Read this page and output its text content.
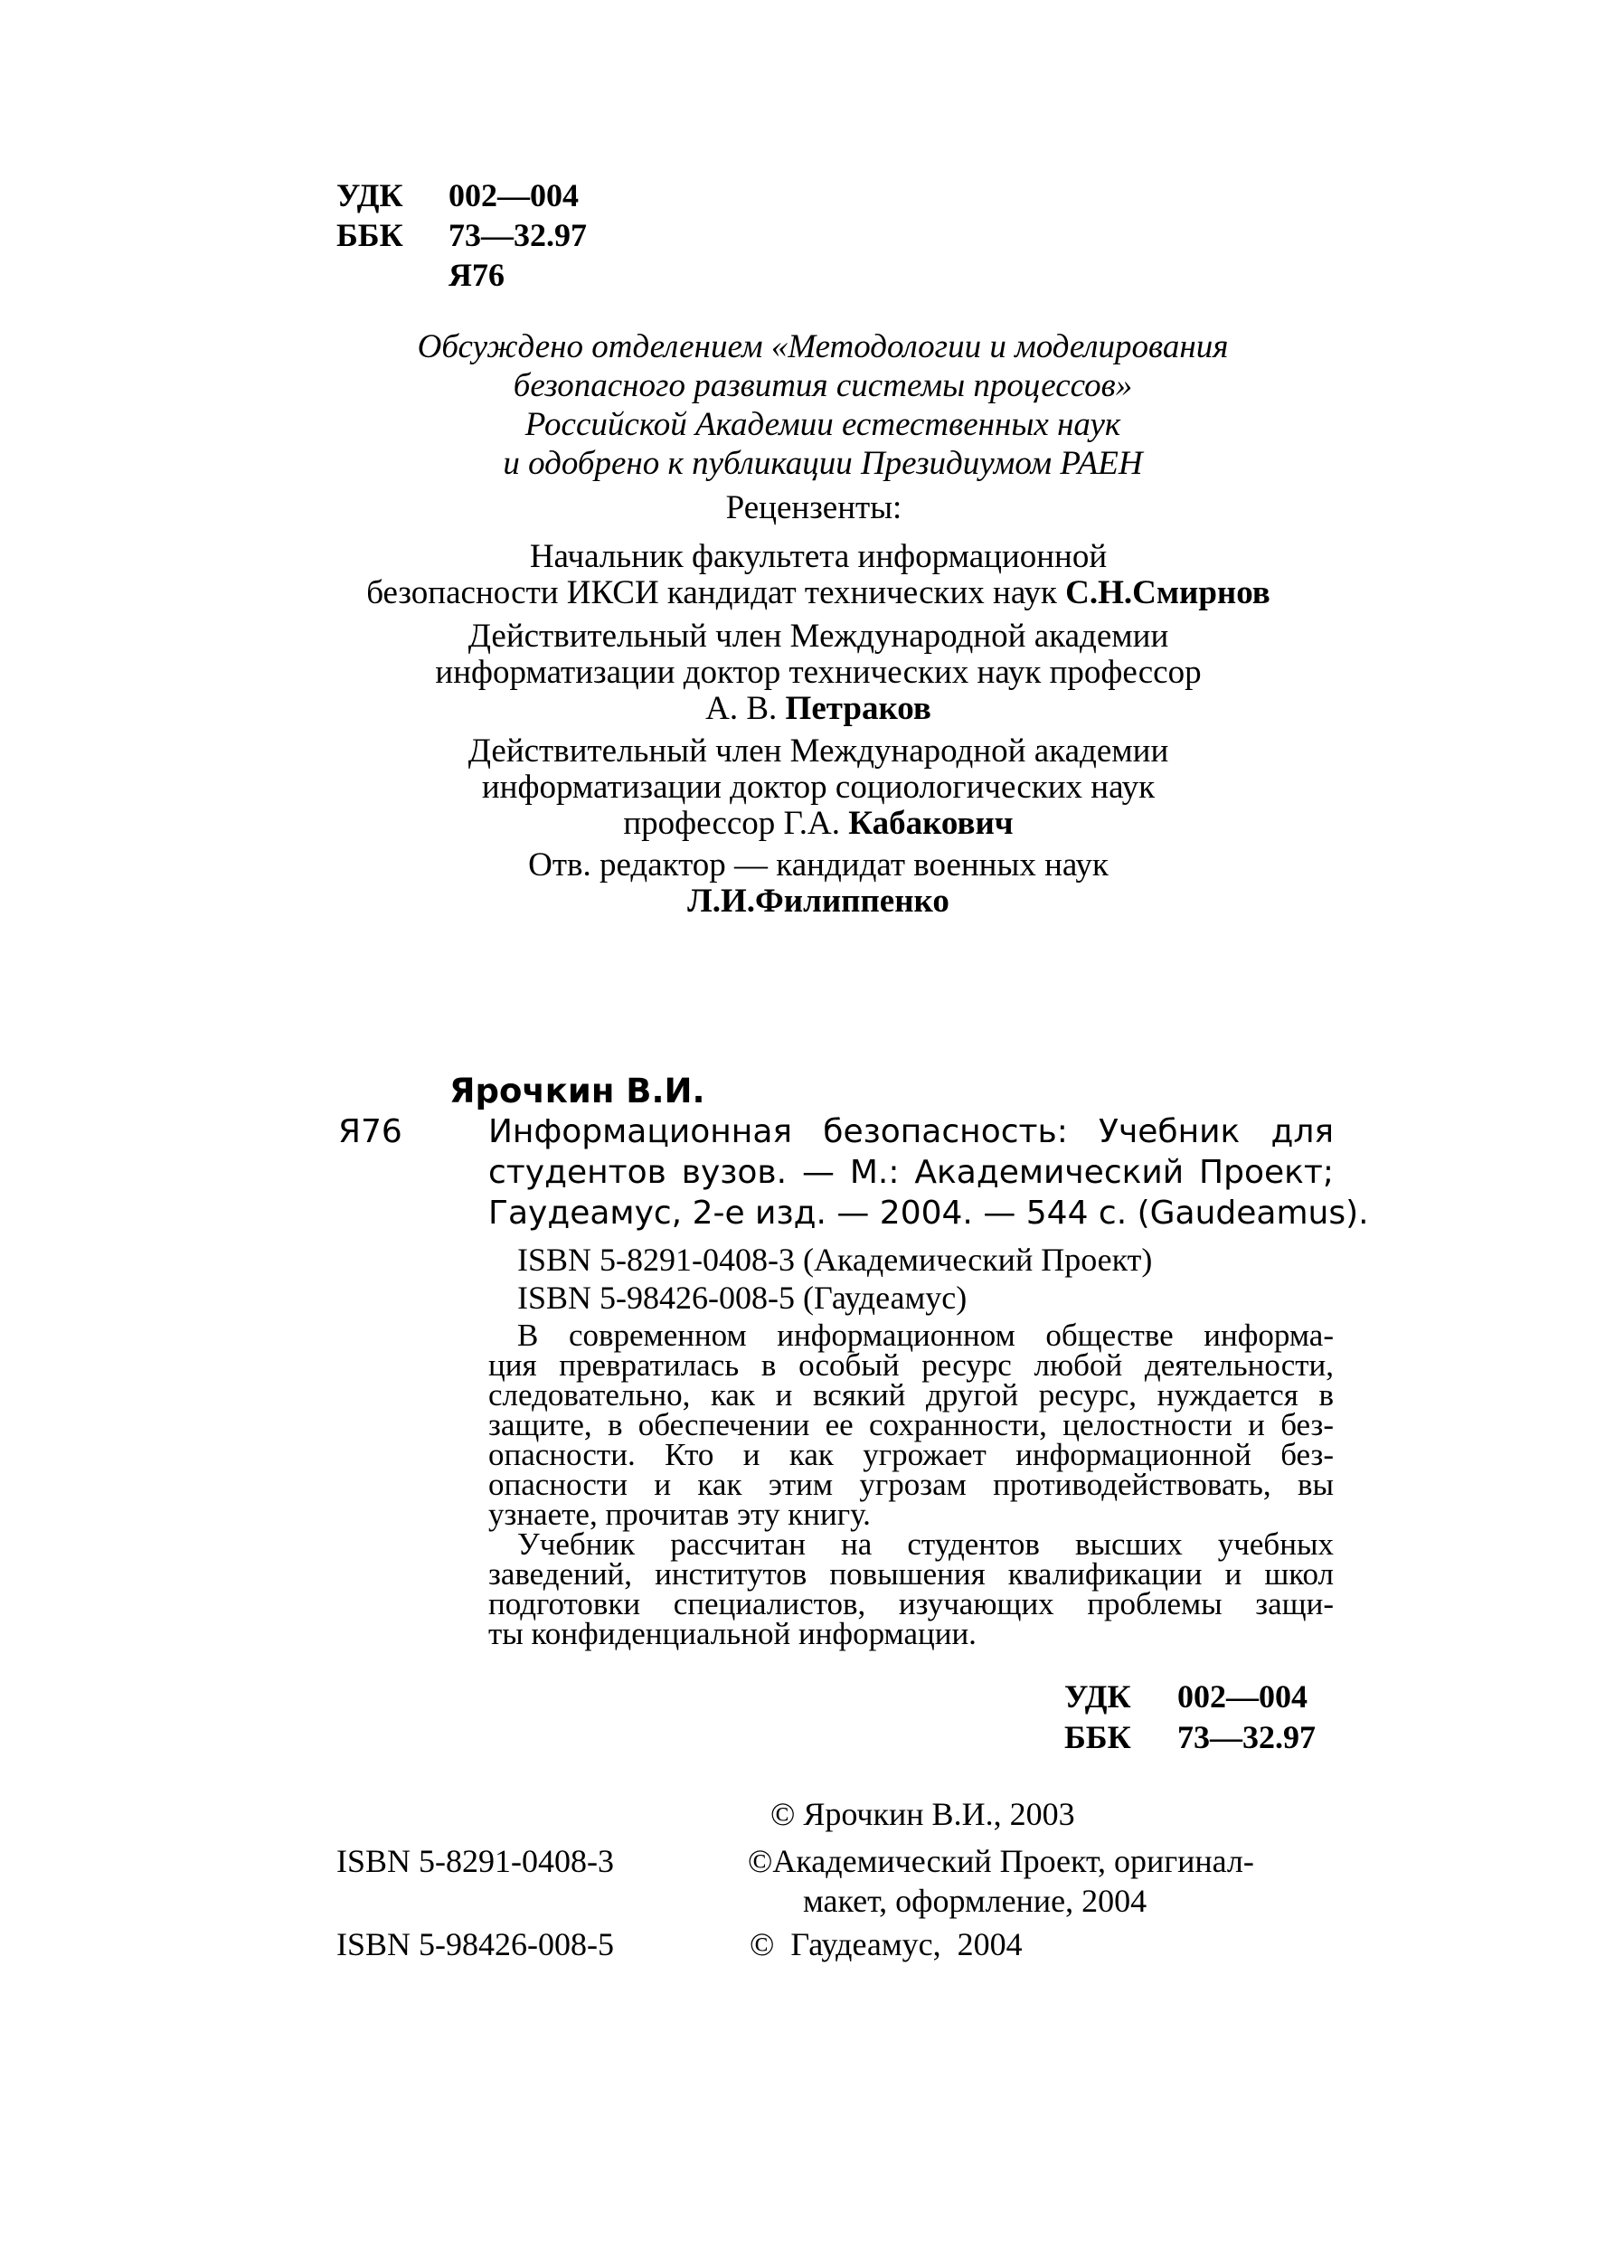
УДК 002—004
ББК 73—32.97
Я76
Обсуждено отделением «Методологии и моделирования
безопасного развития системы процессов»
Российской Академии естественных наук
и одобрено к публикации Президиумом РАЕН
Рецензенты:
Начальник факультета информационной
безопасности ИКСИ кандидат технических наук С.Н.Смирнов
Действительный член Международной академии
информатизации доктор технических наук профессор
А. В. Петраков
Действительный член Международной академии
информатизации доктор социологических наук
профессор Г.А. Кабакович
Отв. редактор — кандидат военных наук
Л.И.Филиппенко
Ярочкин В.И.
Я76	Информационная безопасность: Учебник для
студентов вузов. — М.: Академический Проект;
Гаудеамус, 2-е изд. — 2004. — 544 с. (Gaudeamus).
ISBN 5-8291-0408-3 (Академический Проект)
ISBN 5-98426-008-5 (Гаудеамус)
В современном информационном обществе информа-
ция превратилась в особый ресурс любой деятельности,
следовательно, как и всякий другой ресурс, нуждается в
защите, в обеспечении ее сохранности, целостности и без-
опасности. Кто и как угрожает информационной без-
опасности и как этим угрозам противодействовать, вы
узнаете, прочитав эту книгу.
Учебник рассчитан на студентов высших учебных
заведений, институтов повышения квалификации и школ
подготовки специалистов, изучающих проблемы защи-
ты конфиденциальной информации.
УДК 002—004
ББК 73—32.97
© Ярочкин В.И., 2003
ISBN 5-8291-0408-3	©Академический Проект, оригинал-
макет, оформление, 2004
ISBN 5-98426-008-5	©  Гаудеамус,  2004
